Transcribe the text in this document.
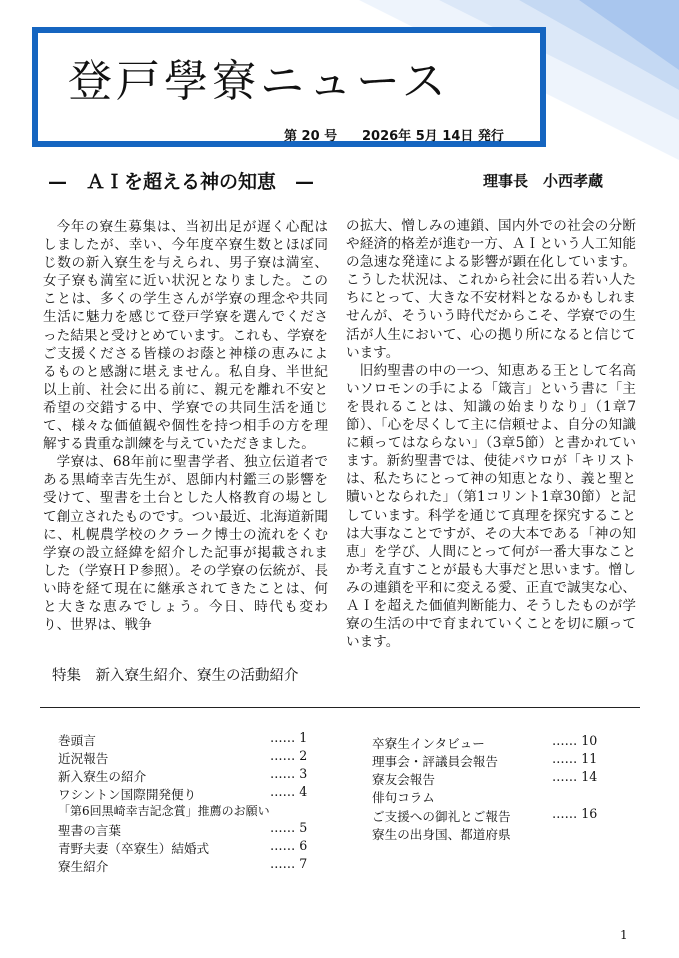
登戸學寮ニュース
第 20 号 2026年 5月 14日 発行
—　ＡＩを超える神の知恵　—	理事長　小西孝蔵

今年の寮生募集は、当初出足が遅く心配はしましたが、幸い、今年度卒寮生数とほぼ同じ数の新入寮生を与えられ、男子寮は満室、女子寮も満室に近い状況となりました。このことは、多くの学生さんが学寮の理念や共同生活に魅力を感じて登戸学寮を選んでくださった結果と受けとめています。これも、学寮をご支援くださる皆様のお蔭と神様の恵みによるものと感謝に堪えません。私自身、半世紀以上前、社会に出る前に、親元を離れ不安と希望の交錯する中、学寮での共同生活を通じて、様々な価値観や個性を持つ相手の方を理解する貴重な訓練を与えていただきました。

学寮は、68年前に聖書学者、独立伝道者である黒崎幸吉先生が、恩師内村鑑三の影響を受けて、聖書を土台とした人格教育の場として創立されたものです。つい最近、北海道新聞に、札幌農学校のクラーク博士の流れをくむ学寮の設立経緯を紹介した記事が掲載されました（学寮ＨＰ参照）。その学寮の伝統が、長い時を経て現在に継承されてきたことは、何と大きな恵みでしょう。今日、時代も変わり、世界は、戦争

の拡大、憎しみの連鎖、国内外での社会の分断や経済的格差が進む一方、ＡＩという人工知能の急速な発達による影響が顕在化しています。こうした状況は、これから社会に出る若い人たちにとって、大きな不安材料となるかもしれませんが、そういう時代だからこそ、学寮での生活が人生において、心の拠り所になると信じています。

旧約聖書の中の一つ、知恵ある王として名高いソロモンの手による「箴言」という書に「主を畏れることは、知識の始まりなり」（1章7節）、「心を尽くして主に信頼せよ、自分の知識に頼ってはならない」（3章5節）と書かれています。新約聖書では、使徒パウロが「キリストは、私たちにとって神の知恵となり、義と聖と贖いとなられた」（第1コリント1章30節）と記しています。科学を通じて真理を探究することは大事なことですが、その大本である「神の知恵」を学び、人間にとって何が一番大事なことか考え直すことが最も大事だと思います。憎しみの連鎖を平和に変える愛、正直で誠実な心、ＡＩを超えた価値判断能力、そうしたものが学寮の生活の中で育まれていくことを切に願っています。

特集　新入寮生紹介、寮生の活動紹介
巻頭言	…… 1
近況報告	…… 2
新入寮生の紹介	…… 3
ワシントン国際開発便り	…… 4
「第6回黒崎幸吉記念賞」推薦のお願い
聖書の言葉	…… 5
青野夫妻（卒寮生）結婚式	…… 6
寮生紹介	…… 7
卒寮生インタビュー	…… 10
理事会・評議員会報告	…… 11
寮友会報告	…… 14
俳句コラム
ご支援への御礼とご報告	…… 16
寮生の出身国、都道府県
1
